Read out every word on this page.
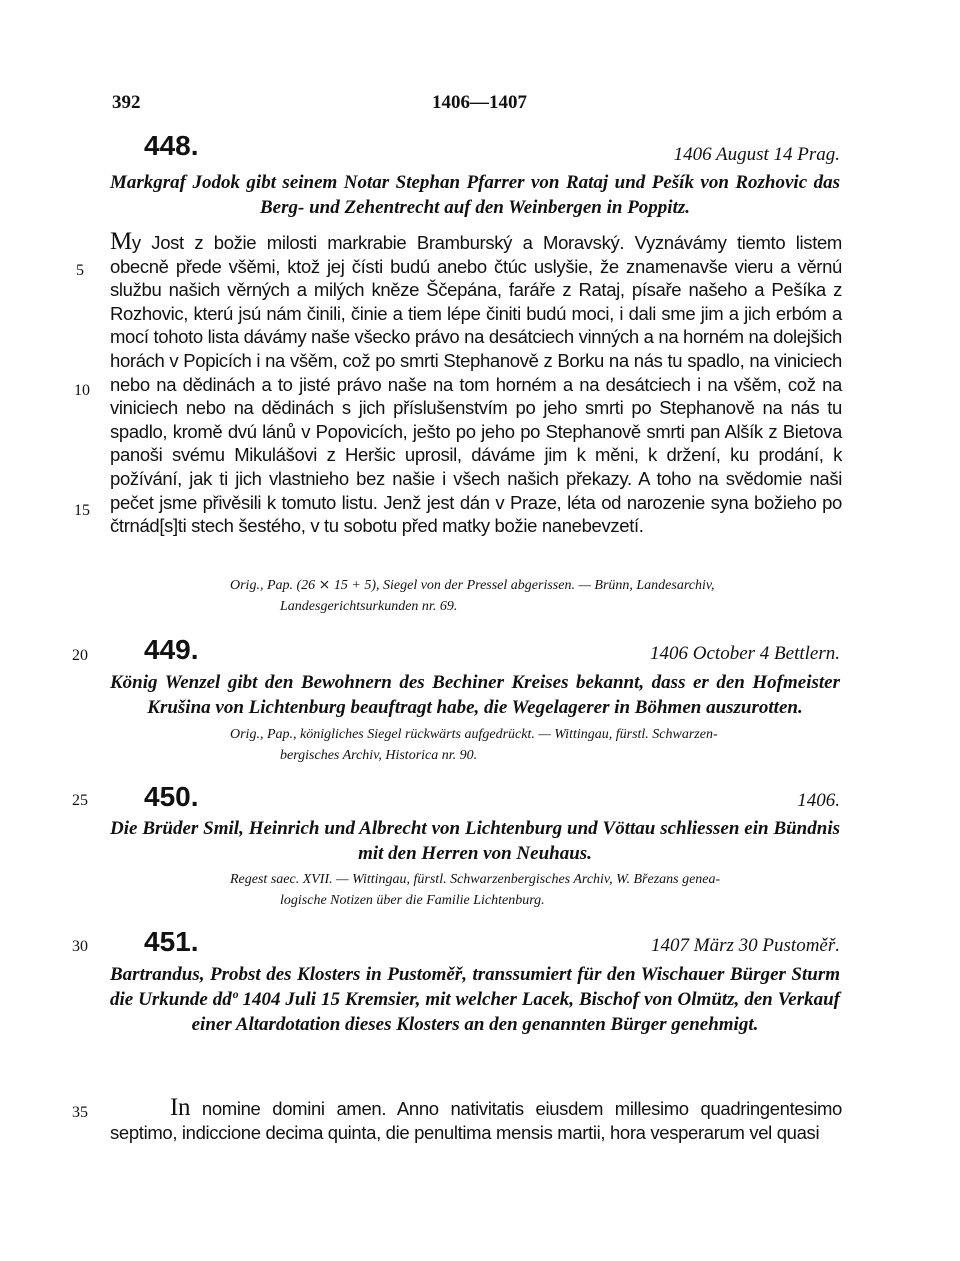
392	1406—1407
5
10
15
20
25
30
35
448.	1406 August 14 Prag.

Markgraf Jodok gibt seinem Notar Stephan Pfarrer von Rataj und Pešík von Rozhovic das Berg- und Zehentrecht auf den Weinbergen in Poppitz.

My Jost z božie milosti markrabie Bramburský a Moravský. Vyznávámy tiemto listem obecně přede všěmi, ktož jej čísti budú anebo čtúc uslyšie, že znamenavše vieru a věrnú službu našich věrných a milých kněze Ščepána, faráře z Rataj, písaře našeho a Pešíka z Rozhovic, kterú jsú nám činili, činie a tiem lépe činiti budú moci, i dali sme jim a jich erbóm a mocí tohoto lista dávámy naše všecko právo na desátciech vinných a na horném na dolejšich horách v Popicích i na všěm, což po smrti Stephanově z Borku na nás tu spadlo, na viniciech nebo na dědinách a to jisté právo naše na tom horném a na desátciech i na všěm, což na viniciech nebo na dědinách s jich příslušenstvím po jeho smrti po Stephanově na nás tu spadlo, kromě dvú lánů v Popovicích, ješto po jeho po Stephanově smrti pan Alšík z Bietova panoši svému Mikulášovi z Heršic uprosil, dáváme jim k měni, k držení, ku prodání, k požívání, jak ti jich vlastnieho bez našie i všech našich překazy. A toho na svědomie naši pečet jsme přivěsili k tomuto listu. Jenž jest dán v Praze, léta od narozenie syna božieho po čtrnád[s]ti stech šestého, v tu sobotu před matky božie nanebevzetí.

Orig., Pap. (26 ⨯ 15 + 5), Siegel von der Pressel abgerissen. — Brünn, Landesarchiv,
Landesgerichtsurkunden nr. 69.

449.	1406 October 4 Bettlern.

König Wenzel gibt den Bewohnern des Bechiner Kreises bekannt, dass er den Hofmeister Krušina von Lichtenburg beauftragt habe, die Wegelagerer in Böhmen auszurotten.

Orig., Pap., königliches Siegel rückwärts aufgedrückt. — Wittingau, fürstl. Schwarzen-
bergisches Archiv, Historica nr. 90.

450.	1406.

Die Brüder Smil, Heinrich und Albrecht von Lichtenburg und Vöttau schliessen ein Bündnis mit den Herren von Neuhaus.

Regest saec. XVII. — Wittingau, fürstl. Schwarzenbergisches Archiv, W. Březans genea-
logische Notizen über die Familie Lichtenburg.

451.	1407 März 30 Pustoměř.

Bartrandus, Probst des Klosters in Pustoměř, transsumiert für den Wischauer Bürger Sturm die Urkunde ddº 1404 Juli 15 Kremsier, mit welcher Lacek, Bischof von Olmütz, den Verkauf einer Altardotation dieses Klosters an den genannten Bürger genehmigt.

In nomine domini amen. Anno nativitatis eiusdem millesimo quadringentesimo septimo, indiccione decima quinta, die penultima mensis martii, hora vesperarum vel quasi
